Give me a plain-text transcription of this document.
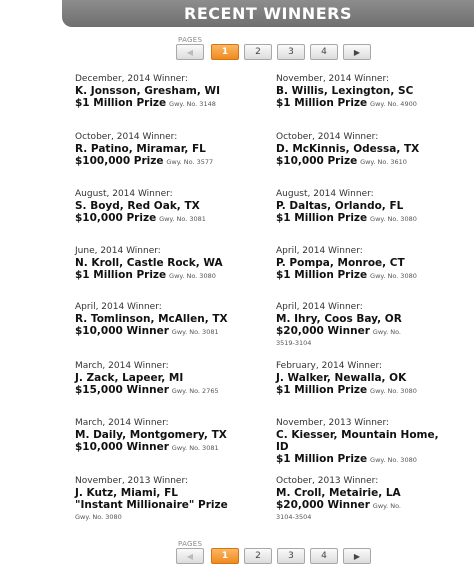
RECENT WINNERS
PAGES
◀	1	2	3	4	▶
December, 2014 Winner:
K. Jonsson, Gresham, WI
$1 Million Prize Gwy. No. 3148
November, 2014 Winner:
B. Willis, Lexington, SC
$1 Million Prize Gwy. No. 4900
October, 2014 Winner:
R. Patino, Miramar, FL
$100,000 Prize Gwy. No. 3577
October, 2014 Winner:
D. McKinnis, Odessa, TX
$10,000 Prize Gwy. No. 3610
August, 2014 Winner:
S. Boyd, Red Oak, TX
$10,000 Prize Gwy. No. 3081
August, 2014 Winner:
P. Daltas, Orlando, FL
$1 Million Prize Gwy. No. 3080
June, 2014 Winner:
N. Kroll, Castle Rock, WA
$1 Million Prize Gwy. No. 3080
April, 2014 Winner:
P. Pompa, Monroe, CT
$1 Million Prize Gwy. No. 3080
April, 2014 Winner:
R. Tomlinson, McAllen, TX
$10,000 Winner Gwy. No. 3081
April, 2014 Winner:
M. Ihry, Coos Bay, OR
$20,000 Winner Gwy. No.
3519-3104
March, 2014 Winner:
J. Zack, Lapeer, MI
$15,000 Winner Gwy. No. 2765
February, 2014 Winner:
J. Walker, Newalla, OK
$1 Million Prize Gwy. No. 3080
March, 2014 Winner:
M. Daily, Montgomery, TX
$10,000 Winner Gwy. No. 3081
November, 2013 Winner:
C. Kiesser, Mountain Home,
ID
$1 Million Prize Gwy. No. 3080
November, 2013 Winner:
J. Kutz, Miami, FL
"Instant Millionaire" Prize
Gwy. No. 3080
October, 2013 Winner:
M. Croll, Metairie, LA
$20,000 Winner Gwy. No.
3104-3504
PAGES
◀	1	2	3	4	▶
